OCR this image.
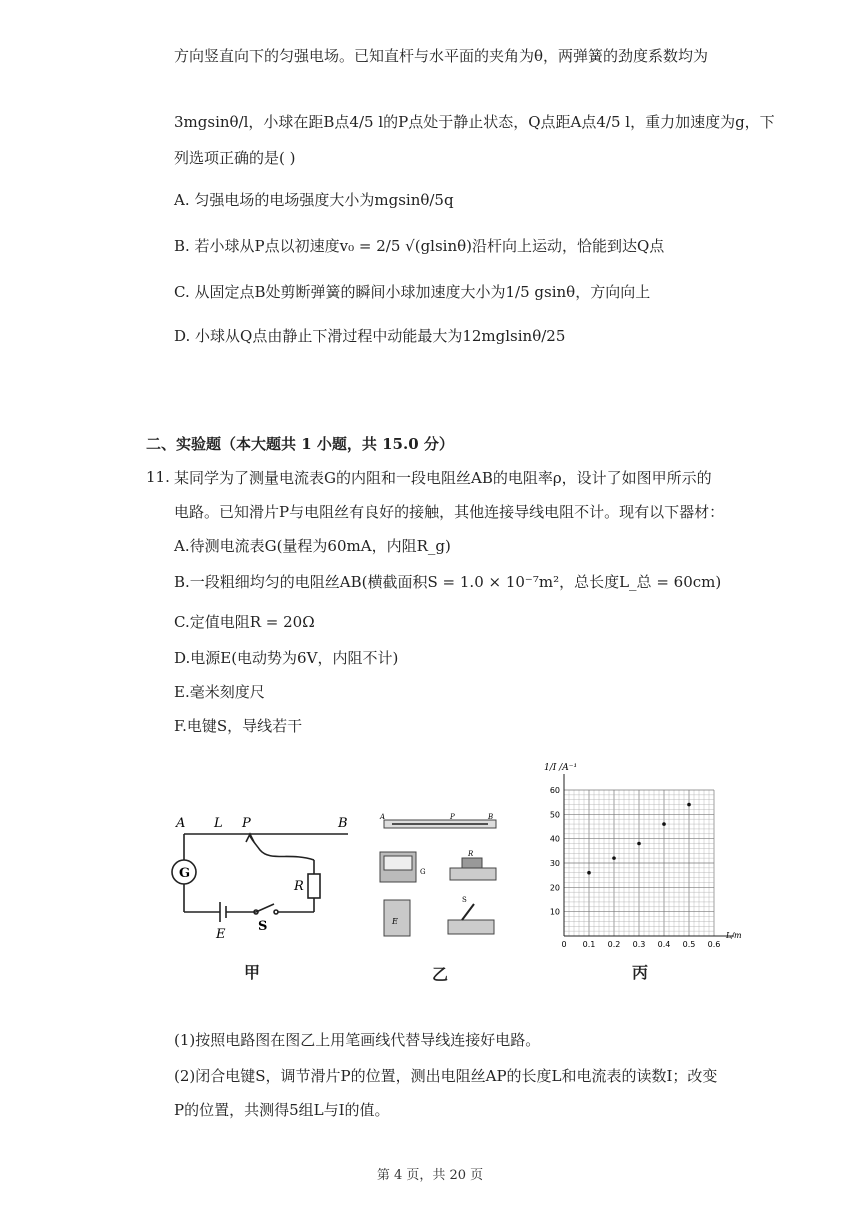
方向竖直向下的匀强电场。已知直杆与水平面的夹角为θ，两弹簧的劲度系数均为
3mgsinθ/l，小球在距B点4/5 l的P点处于静止状态，Q点距A点4/5 l，重力加速度为g，下
列选项正确的是( )
A. 匀强电场的电场强度大小为mgsinθ/5q
B. 若小球从P点以初速度v₀ = 2/5 √(glsinθ)沿杆向上运动，恰能到达Q点
C. 从固定点B处剪断弹簧的瞬间小球加速度大小为1/5 gsinθ，方向向上
D. 小球从Q点由静止下滑过程中动能最大为12mglsinθ/25
二、实验题（本大题共 1 小题，共 15.0 分）
11. 某同学为了测量电流表G的内阻和一段电阻丝AB的电阻率ρ，设计了如图甲所示的
电路。已知滑片P与电阻丝有良好的接触，其他连接导线电阻不计。现有以下器材：
A.待测电流表G(量程为60mA，内阻R_g)
B.一段粗细均匀的电阻丝AB(横截面积S = 1.0 × 10⁻⁷m²，总长度L_总 = 60cm)
C.定值电阻R = 20Ω
D.电源E(电动势为6V，内阻不计)
E.毫米刻度尺
F.电键S，导线若干
A L P	B
G
R
E
S
甲
A	P	B
G
R
S
E
乙
1/I /A⁻¹
L/m
60
50
40
30
20
10
0 0.1 0.2 0.3 0.4 0.5 0.6
丙
(1)按照电路图在图乙上用笔画线代替导线连接好电路。
(2)闭合电键S，调节滑片P的位置，测出电阻丝AP的长度L和电流表的读数I；改变
P的位置，共测得5组L与I的值。
第 4 页，共 20 页
